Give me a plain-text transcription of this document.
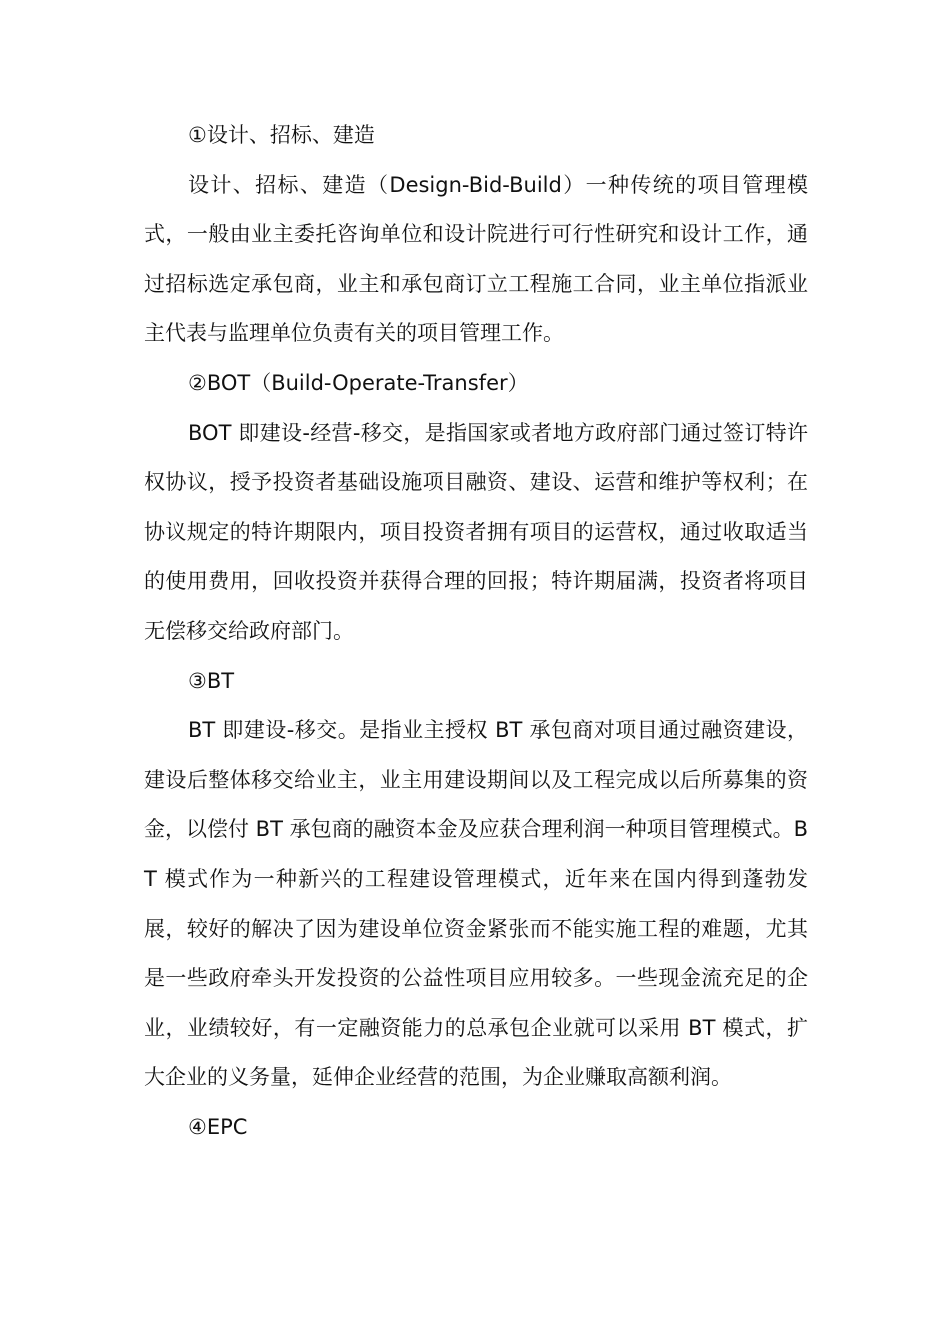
①设计、招标、建造

设计、招标、建造（Design-Bid-Build）一种传统的项目管理模式，一般由业主委托咨询单位和设计院进行可行性研究和设计工作，通过招标选定承包商，业主和承包商订立工程施工合同，业主单位指派业主代表与监理单位负责有关的项目管理工作。

②BOT（Build-Operate-Transfer）

BOT 即建设-经营-移交，是指国家或者地方政府部门通过签订特许权协议，授予投资者基础设施项目融资、建设、运营和维护等权利；在协议规定的特许期限内，项目投资者拥有项目的运营权，通过收取适当的使用费用，回收投资并获得合理的回报；特许期届满，投资者将项目无偿移交给政府部门。

③BT

BT 即建设-移交。是指业主授权 BT 承包商对项目通过融资建设，建设后整体移交给业主，业主用建设期间以及工程完成以后所募集的资金，以偿付 BT 承包商的融资本金及应获合理利润一种项目管理模式。BT 模式作为一种新兴的工程建设管理模式，近年来在国内得到蓬勃发展，较好的解决了因为建设单位资金紧张而不能实施工程的难题，尤其是一些政府牵头开发投资的公益性项目应用较多。一些现金流充足的企业，业绩较好，有一定融资能力的总承包企业就可以采用 BT 模式，扩大企业的义务量，延伸企业经营的范围，为企业赚取高额利润。

④EPC
